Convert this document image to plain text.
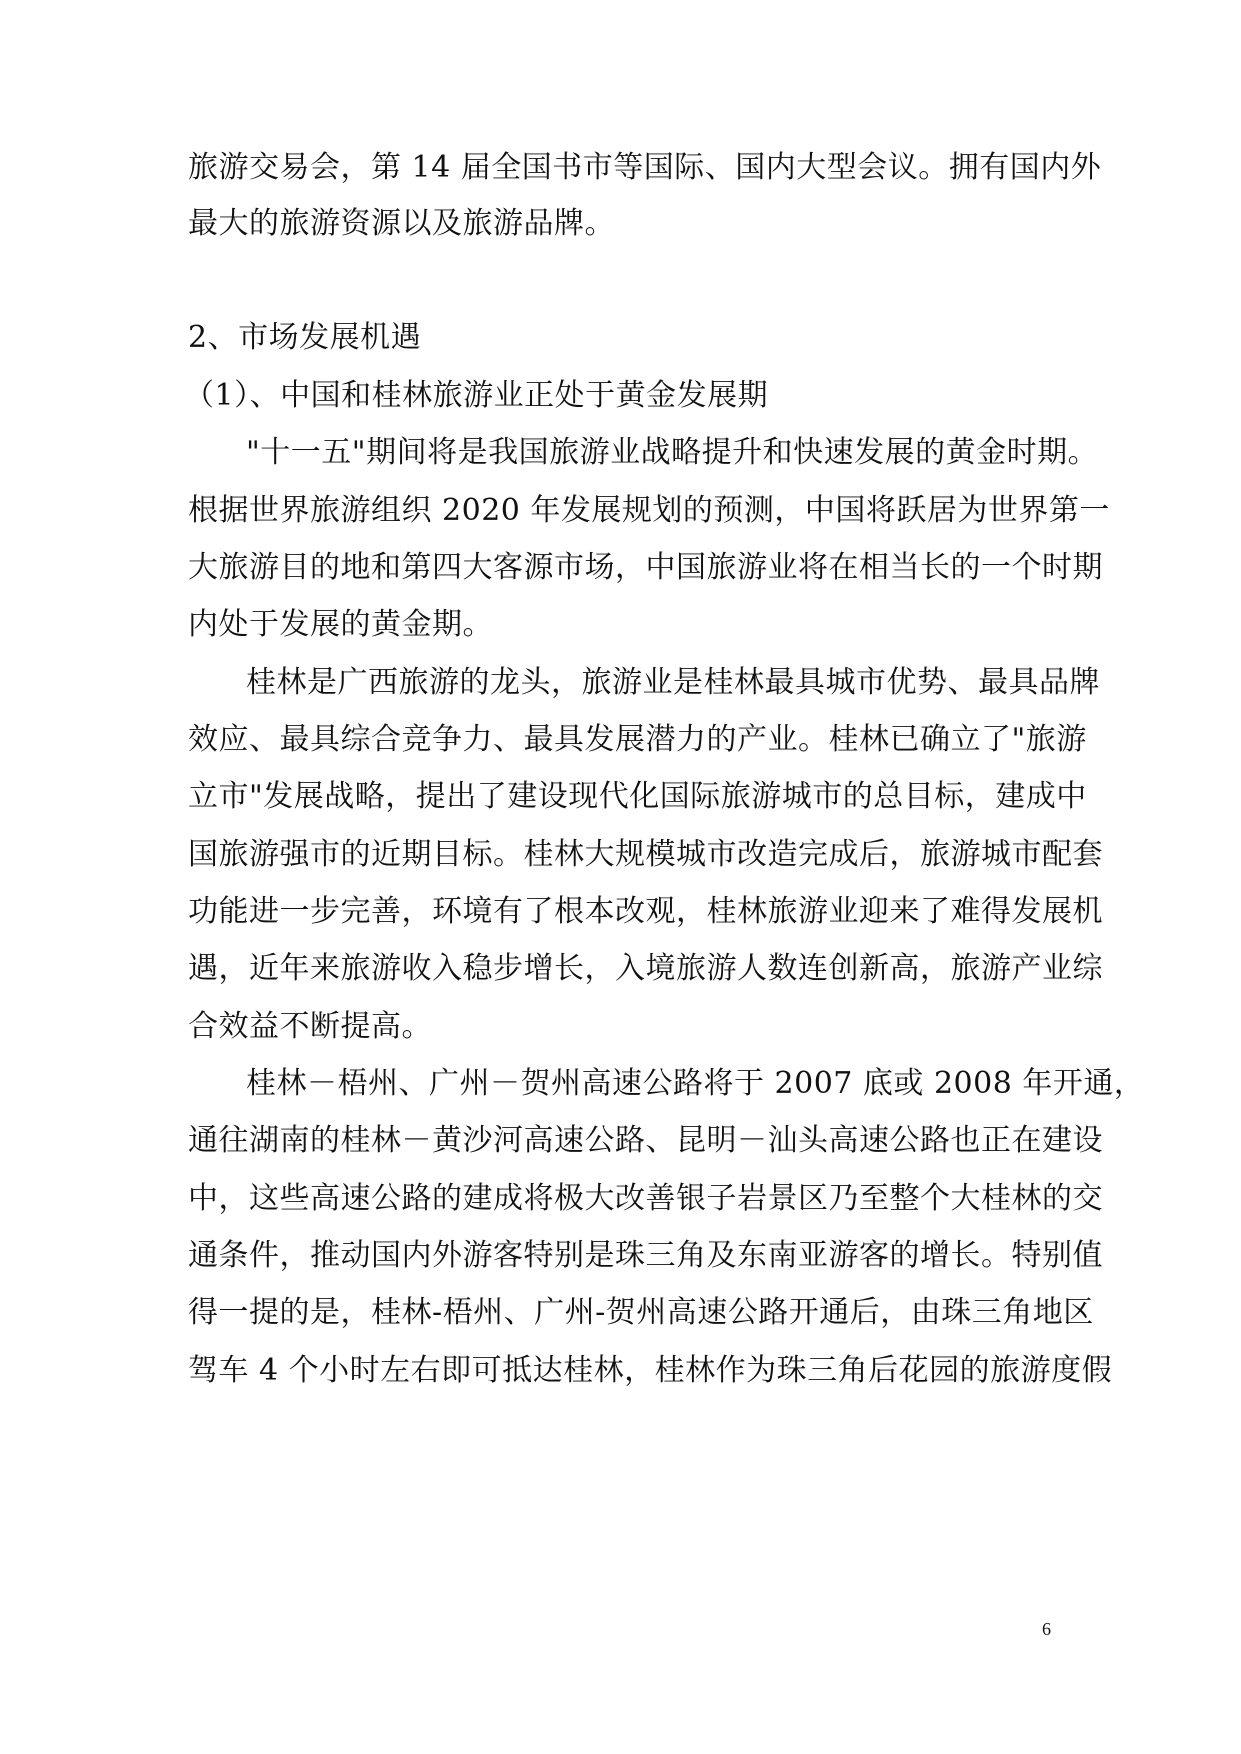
旅游交易会，第 14 届全国书市等国际、国内大型会议。拥有国内外
最大的旅游资源以及旅游品牌。
2、市场发展机遇
（1）、中国和桂林旅游业正处于黄金发展期
"十一五"期间将是我国旅游业战略提升和快速发展的黄金时期。
根据世界旅游组织 2020 年发展规划的预测，中国将跃居为世界第一
大旅游目的地和第四大客源市场，中国旅游业将在相当长的一个时期
内处于发展的黄金期。
桂林是广西旅游的龙头，旅游业是桂林最具城市优势、最具品牌
效应、最具综合竞争力、最具发展潜力的产业。桂林已确立了"旅游
立市"发展战略，提出了建设现代化国际旅游城市的总目标，建成中
国旅游强市的近期目标。桂林大规模城市改造完成后，旅游城市配套
功能进一步完善，环境有了根本改观，桂林旅游业迎来了难得发展机
遇，近年来旅游收入稳步增长，入境旅游人数连创新高，旅游产业综
合效益不断提高。
桂林－梧州、广州－贺州高速公路将于 2007 底或 2008 年开通，
通往湖南的桂林－黄沙河高速公路、昆明－汕头高速公路也正在建设
中，这些高速公路的建成将极大改善银子岩景区乃至整个大桂林的交
通条件，推动国内外游客特别是珠三角及东南亚游客的增长。特别值
得一提的是，桂林-梧州、广州-贺州高速公路开通后，由珠三角地区
驾车 4 个小时左右即可抵达桂林，桂林作为珠三角后花园的旅游度假
6
